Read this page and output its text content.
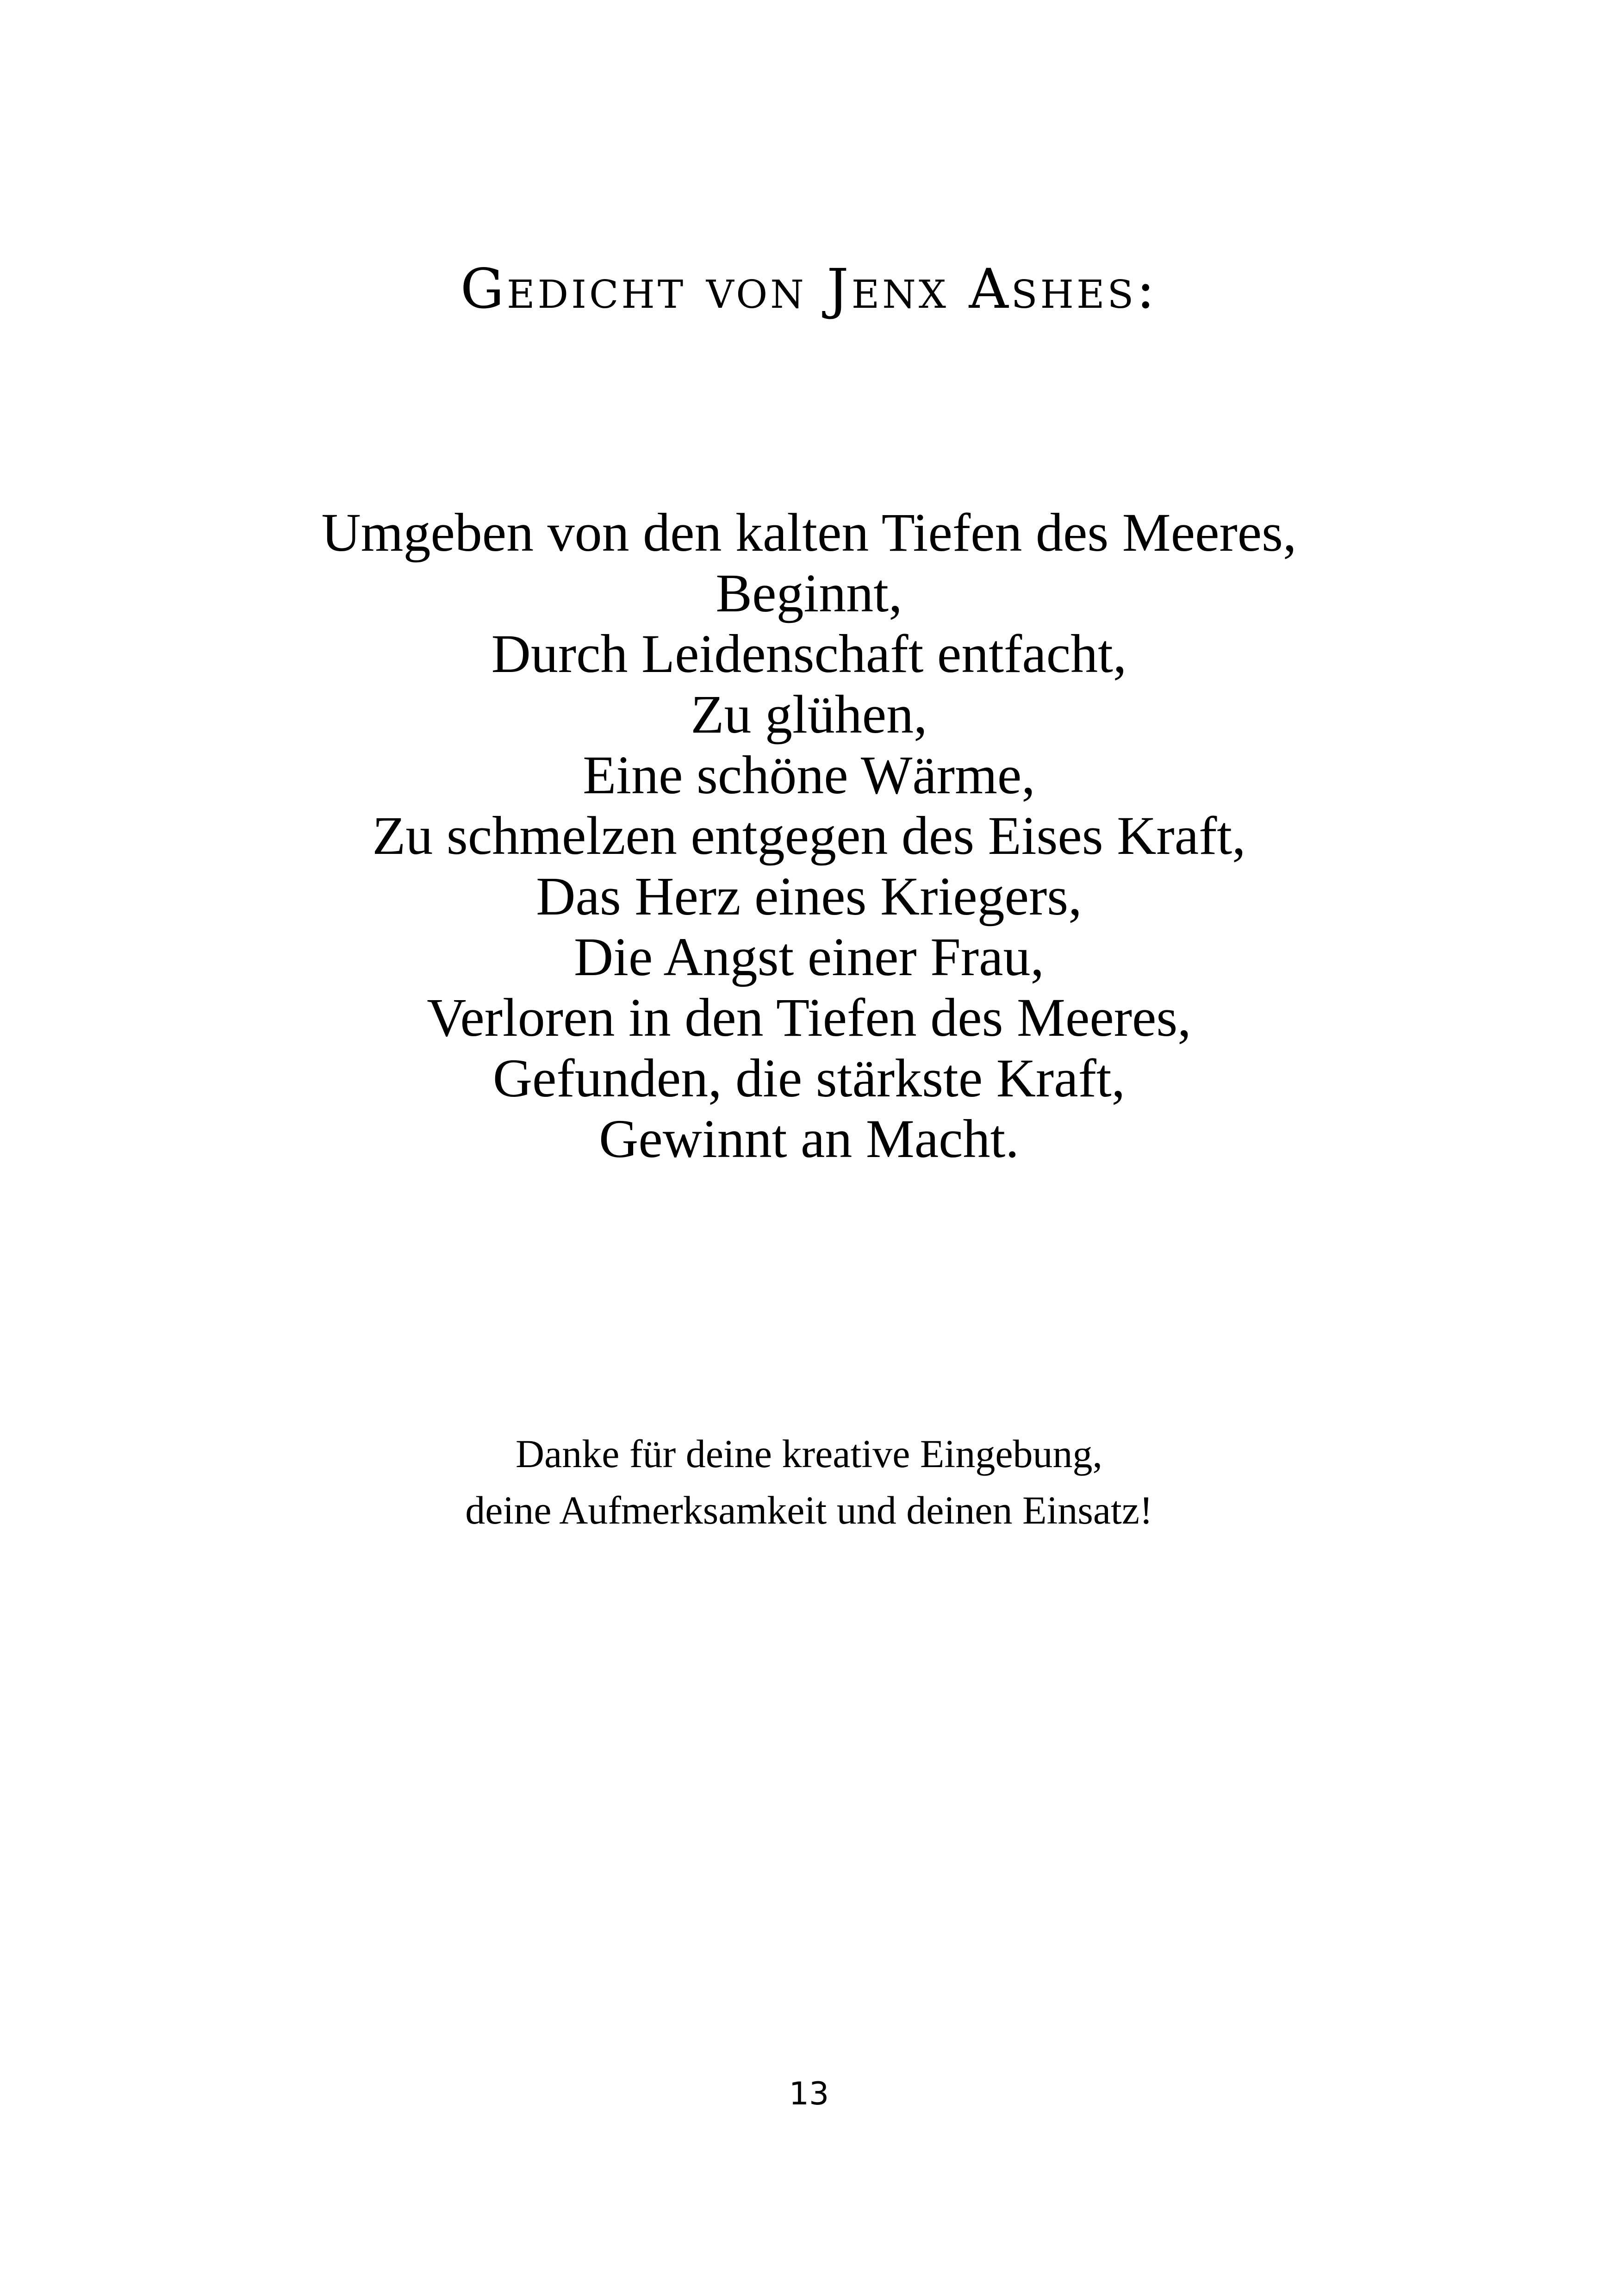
Gedicht von Jenx Ashes:
Umgeben von den kalten Tiefen des Meeres,
Beginnt,
Durch Leidenschaft entfacht,
Zu glühen,
Eine schöne Wärme,
Zu schmelzen entgegen des Eises Kraft,
Das Herz eines Kriegers,
Die Angst einer Frau,
Verloren in den Tiefen des Meeres,
Gefunden, die stärkste Kraft,
Gewinnt an Macht.
Danke für deine kreative Eingebung,
deine Aufmerksamkeit und deinen Einsatz!
13
